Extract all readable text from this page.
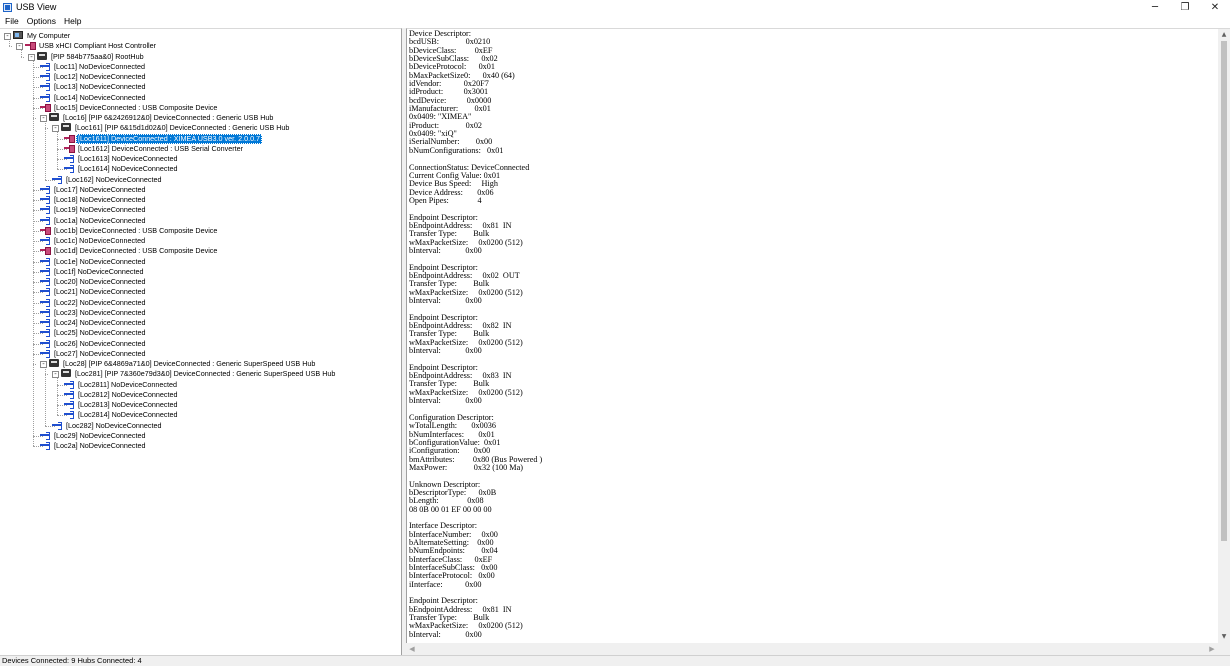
USB View	─	❐	✕
File Options Help
- My Computer
- USB xHCI Compliant Host Controller
- [PIP 584b775aa&0] RootHub
[Loc11] NoDeviceConnected
[Loc12] NoDeviceConnected
[Loc13] NoDeviceConnected
[Loc14] NoDeviceConnected
[Loc15] DeviceConnected : USB Composite Device
- [Loc16] [PIP 6&2426912&0] DeviceConnected : Generic USB Hub
- [Loc161] [PIP 6&15d1d02&0] DeviceConnected : Generic USB Hub
[Loc1611] DeviceConnected : XIMEA USB3.0 ver. 2.0.0.7
[Loc1612] DeviceConnected : USB Serial Converter
[Loc1613] NoDeviceConnected
[Loc1614] NoDeviceConnected
[Loc162] NoDeviceConnected
[Loc17] NoDeviceConnected
[Loc18] NoDeviceConnected
[Loc19] NoDeviceConnected
[Loc1a] NoDeviceConnected
[Loc1b] DeviceConnected : USB Composite Device
[Loc1c] NoDeviceConnected
[Loc1d] DeviceConnected : USB Composite Device
[Loc1e] NoDeviceConnected
[Loc1f] NoDeviceConnected
[Loc20] NoDeviceConnected
[Loc21] NoDeviceConnected
[Loc22] NoDeviceConnected
[Loc23] NoDeviceConnected
[Loc24] NoDeviceConnected
[Loc25] NoDeviceConnected
[Loc26] NoDeviceConnected
[Loc27] NoDeviceConnected
- [Loc28] [PIP 6&4869a71&0] DeviceConnected : Generic SuperSpeed USB Hub
- [Loc281] [PIP 7&360e79d3&0] DeviceConnected : Generic SuperSpeed USB Hub
[Loc2811] NoDeviceConnected
[Loc2812] NoDeviceConnected
[Loc2813] NoDeviceConnected
[Loc2814] NoDeviceConnected
[Loc282] NoDeviceConnected
[Loc29] NoDeviceConnected
[Loc2a] NoDeviceConnected
Device Descriptor:
bcdUSB:             0x0210
bDeviceClass:         0xEF
bDeviceSubClass:      0x02
bDeviceProtocol:      0x01
bMaxPacketSize0:      0x40 (64)
idVendor:           0x20F7
idProduct:          0x3001
bcdDevice:          0x0000
iManufacturer:        0x01
0x0409: "XIMEA"
iProduct:             0x02
0x0409: "xiQ"
iSerialNumber:        0x00
bNumConfigurations:   0x01

ConnectionStatus: DeviceConnected
Current Config Value: 0x01
Device Bus Speed:     High
Device Address:       0x06
Open Pipes:              4

Endpoint Descriptor:
bEndpointAddress:     0x81  IN
Transfer Type:        Bulk
wMaxPacketSize:     0x0200 (512)
bInterval:            0x00

Endpoint Descriptor:
bEndpointAddress:     0x02  OUT
Transfer Type:        Bulk
wMaxPacketSize:     0x0200 (512)
bInterval:            0x00

Endpoint Descriptor:
bEndpointAddress:     0x82  IN
Transfer Type:        Bulk
wMaxPacketSize:     0x0200 (512)
bInterval:            0x00

Endpoint Descriptor:
bEndpointAddress:     0x83  IN
Transfer Type:        Bulk
wMaxPacketSize:     0x0200 (512)
bInterval:            0x00

Configuration Descriptor:
wTotalLength:       0x0036
bNumInterfaces:       0x01
bConfigurationValue:  0x01
iConfiguration:       0x00
bmAttributes:         0x80 (Bus Powered )
MaxPower:             0x32 (100 Ma)

Unknown Descriptor:
bDescriptorType:      0x0B
bLength:              0x08
08 0B 00 01 EF 00 00 00

Interface Descriptor:
bInterfaceNumber:     0x00
bAlternateSetting:    0x00
bNumEndpoints:        0x04
bInterfaceClass:      0xEF
bInterfaceSubClass:   0x00
bInterfaceProtocol:   0x00
iInterface:           0x00

Endpoint Descriptor:
bEndpointAddress:     0x81  IN
Transfer Type:        Bulk
wMaxPacketSize:     0x0200 (512)
bInterval:            0x00
▲
▼
◀	▶
Devices Connected: 9 Hubs Connected: 4
